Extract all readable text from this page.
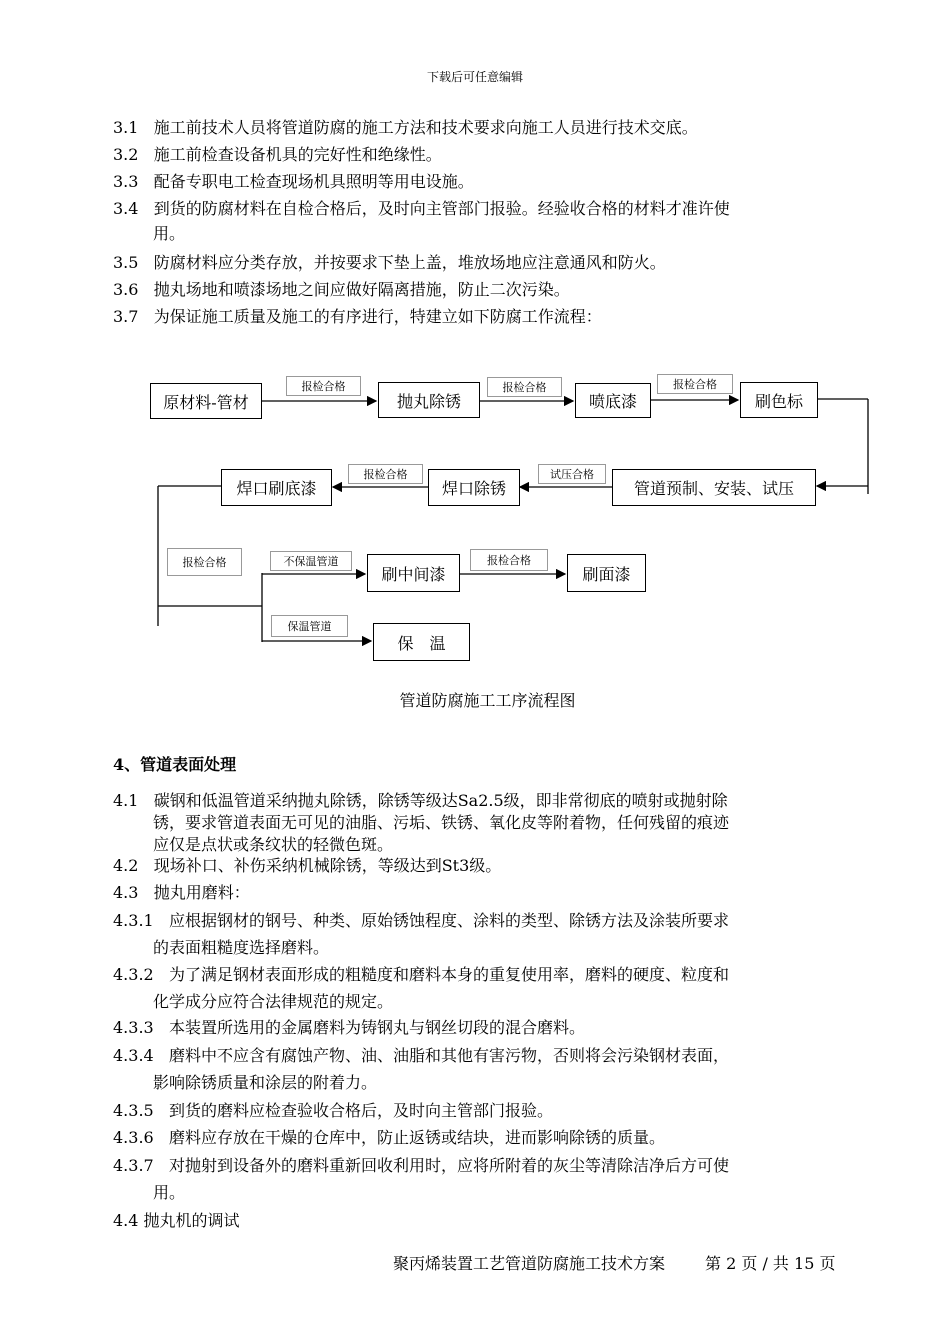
下载后可任意编辑
3.1 施工前技术人员将管道防腐的施工方法和技术要求向施工人员进行技术交底。
3.2 施工前检查设备机具的完好性和绝缘性。
3.3 配备专职电工检查现场机具照明等用电设施。
3.4 到货的防腐材料在自检合格后，及时向主管部门报验。经验收合格的材料才准许使
用。
3.5 防腐材料应分类存放，并按要求下垫上盖，堆放场地应注意通风和防火。
3.6 抛丸场地和喷漆场地之间应做好隔离措施，防止二次污染。
3.7 为保证施工质量及施工的有序进行，特建立如下防腐工作流程：
原材料-管材	抛丸除锈	喷底漆	刷色标
管道预制、安装、试压
焊口除锈
焊口刷底漆
刷中间漆	刷面漆
保　温
报检合格	报检合格	报检合格
试压合格
报检合格
报检合格	不保温管道	报检合格
保温管道
管道防腐施工工序流程图
4、管道表面处理
4.1 碳钢和低温管道采纳抛丸除锈，除锈等级达Sa2.5级，即非常彻底的喷射或抛射除
锈，要求管道表面无可见的油脂、污垢、铁锈、氧化皮等附着物，任何残留的痕迹
应仅是点状或条纹状的轻微色斑。
4.2 现场补口、补伤采纳机械除锈，等级达到St3级。
4.3 抛丸用磨料：
4.3.1 应根据钢材的钢号、种类、原始锈蚀程度、涂料的类型、除锈方法及涂装所要求
的表面粗糙度选择磨料。
4.3.2 为了满足钢材表面形成的粗糙度和磨料本身的重复使用率，磨料的硬度、粒度和
化学成分应符合法律规范的规定。
4.3.3 本装置所选用的金属磨料为铸钢丸与钢丝切段的混合磨料。
4.3.4 磨料中不应含有腐蚀产物、油、油脂和其他有害污物，否则将会污染钢材表面，
影响除锈质量和涂层的附着力。
4.3.5 到货的磨料应检查验收合格后，及时向主管部门报验。
4.3.6 磨料应存放在干燥的仓库中，防止返锈或结块，进而影响除锈的质量。
4.3.7 对抛射到设备外的磨料重新回收利用时，应将所附着的灰尘等清除洁净后方可使
用。
4.4 抛丸机的调试
聚丙烯装置工艺管道防腐施工技术方案	第 2 页 / 共 15 页
